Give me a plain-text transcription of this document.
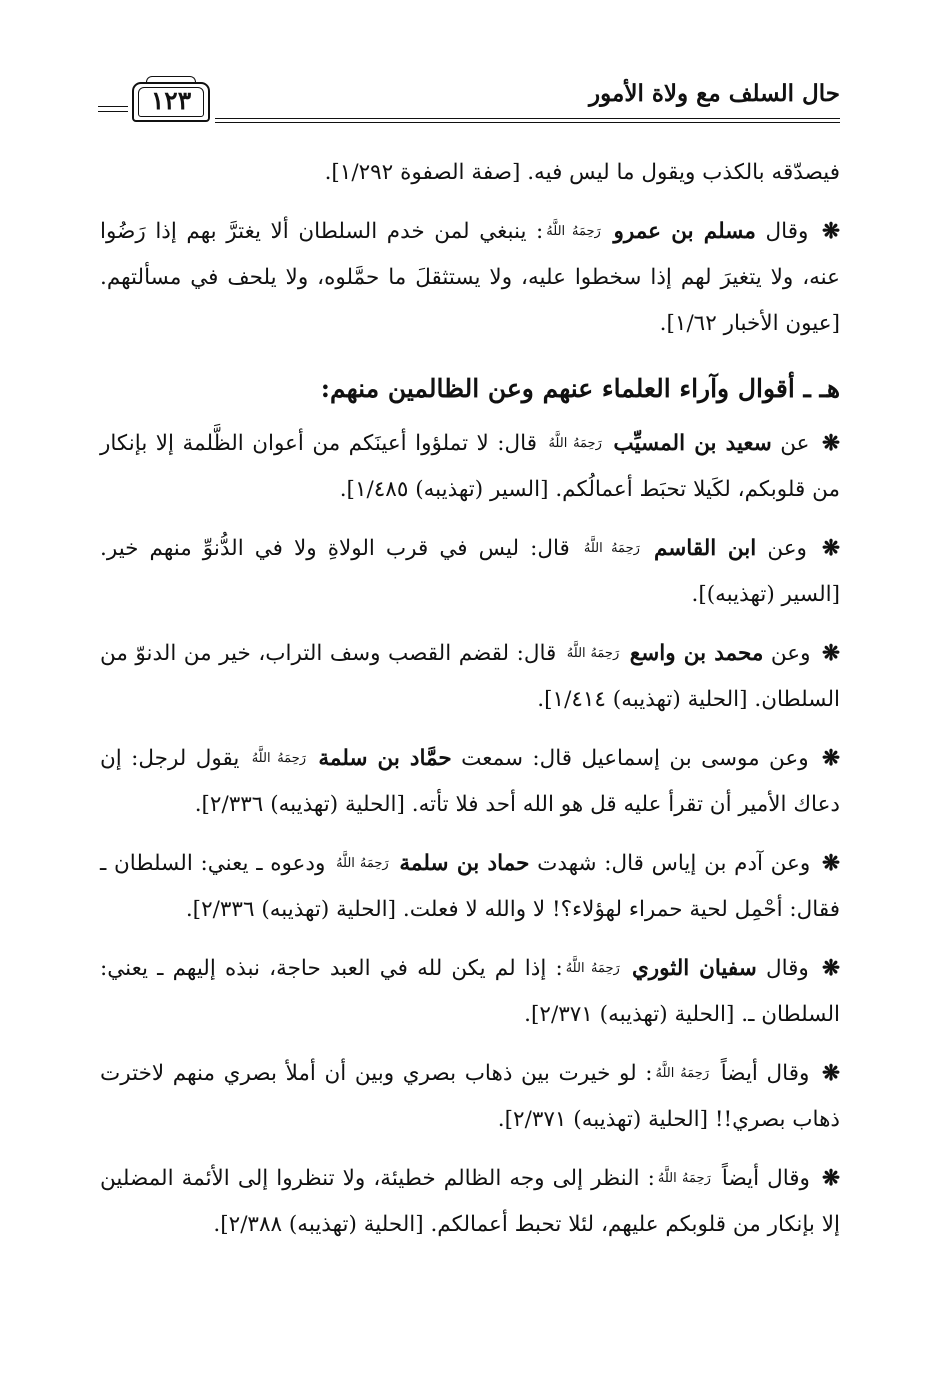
حال السلف مع ولاة الأمور
١٢٣

فيصدّقه بالكذب ويقول ما ليس فيه. [صفة الصفوة ١/٢٩٢].

❋ وقال مسلم بن عمرو رَحِمَهُ اللَّهُ: ينبغي لمن خدم السلطان ألا يغترَّ بهم إذا رَضُوا عنه، ولا يتغيرَ لهم إذا سخطوا عليه، ولا يستثقلَ ما حمَّلوه، ولا يلحف في مسألتهم. [عيون الأخبار ١/٦٢].

هـ ـ أقوال وآراء العلماء عنهم وعن الظالمين منهم:

❋ عن سعيد بن المسيِّب رَحِمَهُ اللَّهُ قال: لا تملؤوا أعينَكم من أعوان الظَّلمة إلا بإنكار من قلوبكم، لكَيلا تحبَط أعمالُكم. [السير (تهذيبه) ١/٤٨٥].

❋ وعن ابن القاسم رَحِمَهُ اللَّهُ قال: ليس في قرب الولاةِ ولا في الدُّنوِّ منهم خير. [السير (تهذيبه)].

❋ وعن محمد بن واسع رَحِمَهُ اللَّهُ قال: لقضم القصب وسف التراب، خير من الدنوّ من السلطان. [الحلية (تهذيبه) ١/٤١٤].

❋ وعن موسى بن إسماعيل قال: سمعت حمَّاد بن سلمة رَحِمَهُ اللَّهُ يقول لرجل: إن دعاك الأمير أن تقرأ عليه قل هو الله أحد فلا تأته. [الحلية (تهذيبه) ٢/٣٣٦].

❋ وعن آدم بن إياس قال: شهدت حماد بن سلمة رَحِمَهُ اللَّهُ ودعوه ـ يعني: السلطان ـ فقال: أحْمِل لحية حمراء لهؤلاء؟! لا والله لا فعلت. [الحلية (تهذيبه) ٢/٣٣٦].

❋ وقال سفيان الثوري رَحِمَهُ اللَّهُ: إذا لم يكن لله في العبد حاجة، نبذه إليهم ـ يعني: السلطان ـ. [الحلية (تهذيبه) ٢/٣٧١].

❋ وقال أيضاً رَحِمَهُ اللَّهُ: لو خيرت بين ذهاب بصري وبين أن أملأ بصري منهم لاخترت ذهاب بصري!! [الحلية (تهذيبه) ٢/٣٧١].

❋ وقال أيضاً رَحِمَهُ اللَّهُ: النظر إلى وجه الظالم خطيئة، ولا تنظروا إلى الأئمة المضلين إلا بإنكار من قلوبكم عليهم، لئلا تحبط أعمالكم. [الحلية (تهذيبه) ٢/٣٨٨].
